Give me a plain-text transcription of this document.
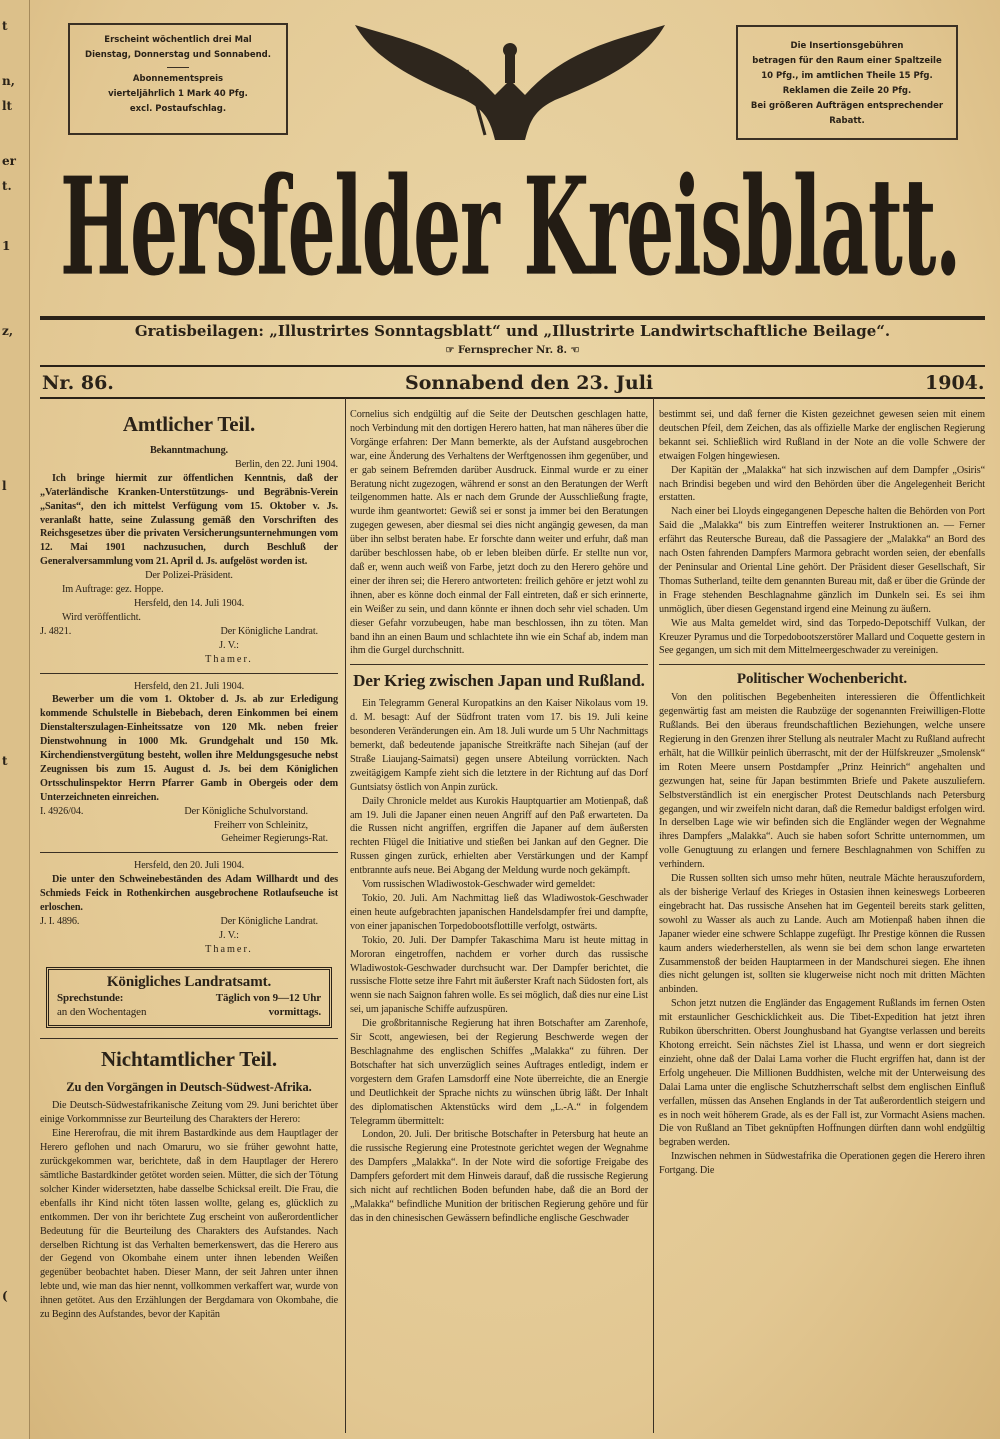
t
n,
lt
er
t.
1
z,
l
t
(
Erscheint wöchentlich drei Mal
Dienstag, Donnerstag und Sonnabend.
Abonnementspreis
vierteljährlich 1 Mark 40 Pfg.
excl. Postaufschlag.
Die Insertionsgebühren
betragen für den Raum einer Spaltzeile
10 Pfg., im amtlichen Theile 15 Pfg.
Reklamen die Zeile 20 Pfg.
Bei größeren Aufträgen entsprechender
Rabatt.
Hersfelder Kreisblatt.
Gratisbeilagen: „Illustrirtes Sonntagsblatt“ und „Illustrirte Landwirtschaftliche Beilage“.
☞ Fernsprecher Nr. 8. ☜
Nr. 86.	Sonnabend den 23. Juli	1904.
Amtlicher Teil.
Bekanntmachung.
Berlin, den 22. Juni 1904.

Ich bringe hiermit zur öffentlichen Kenntnis, daß der „Vaterländische Kranken-Unterstützungs- und Begräbnis-Verein „Sanitas“, den ich mittelst Verfügung vom 15. Oktober v. Js. veranlaßt hatte, seine Zulassung gemäß den Vorschriften des Reichsgesetzes über die privaten Versicherungsunternehmungen vom 12. Mai 1901 nachzusuchen, durch Beschluß der Generalversammlung vom 21. April d. Js. aufgelöst worden ist.

Der Polizei-Präsident.
Im Auftrage: gez. Hoppe.
Hersfeld, den 14. Juli 1904.
Wird veröffentlicht.
J. 4821.	Der Königliche Landrat.
J. V.:
Thamer.
Hersfeld, den 21. Juli 1904.

Bewerber um die vom 1. Oktober d. Js. ab zur Erledigung kommende Schulstelle in Biebebach, deren Einkommen bei einem Dienstalterszulagen-Einheitssatze von 120 Mk. neben freier Dienstwohnung in 1000 Mk. Grundgehalt und 150 Mk. Kirchendienstvergütung besteht, wollen ihre Meldungsgesuche nebst Zeugnissen bis zum 15. August d. Js. bei dem Königlichen Ortsschulinspektor Herrn Pfarrer Gamb in Obergeis oder dem Unterzeichneten einreichen.

I. 4926/04.	Der Königliche Schulvorstand.
Freiherr von Schleinitz,
Geheimer Regierungs-Rat.
Hersfeld, den 20. Juli 1904.

Die unter den Schweinebeständen des Adam Willhardt und des Schmieds Feick in Rothenkirchen ausgebrochene Rotlaufseuche ist erloschen.

J. I. 4896.	Der Königliche Landrat.
J. V.:
Thamer.
Königliches Landratsamt.
Sprechstunde:	Täglich von 9—12 Uhr
an den Wochentagen	vormittags.
Nichtamtlicher Teil.
Zu den Vorgängen in Deutsch-Südwest-Afrika.

Die Deutsch-Südwestafrikanische Zeitung vom 29. Juni berichtet über einige Vorkommnisse zur Beurteilung des Charakters der Herero:

Eine Hererofrau, die mit ihrem Bastardkinde aus dem Hauptlager der Herero geflohen und nach Omaruru, wo sie früher gewohnt hatte, zurückgekommen war, berichtete, daß in dem Hauptlager der Herero sämtliche Bastardkinder getötet worden seien. Mütter, die sich der Tötung solcher Kinder widersetzten, habe dasselbe Schicksal ereilt. Die Frau, die ebenfalls ihr Kind nicht töten lassen wollte, gelang es, glücklich zu entkommen. Der von ihr berichtete Zug erscheint von außerordentlicher Bedeutung für die Beurteilung des Charakters des Aufstandes. Nach derselben Richtung ist das Verhalten bemerkenswert, das die Herero aus der Gegend von Okombahe einem unter ihnen lebenden Weißen gegenüber beobachtet haben. Dieser Mann, der seit Jahren unter ihnen lebte und, wie man das hier nennt, vollkommen verkaffert war, wurde von ihnen getötet. Aus den Erzählungen der Bergdamara von Okombahe, die zu Beginn des Aufstandes, bevor der Kapitän

Cornelius sich endgültig auf die Seite der Deutschen geschlagen hatte, noch Verbindung mit den dortigen Herero hatten, hat man näheres über die Vorgänge erfahren: Der Mann bemerkte, als der Aufstand ausgebrochen war, eine Änderung des Verhaltens der Werftgenossen ihm gegenüber, und er gab seinem Befremden darüber Ausdruck. Einmal wurde er zu einer Beratung nicht zugezogen, während er sonst an den Beratungen der Werft teilgenommen hatte. Als er nach dem Grunde der Ausschließung fragte, wurde ihm geantwortet: Gewiß sei er sonst ja immer bei den Beratungen zugegen gewesen, aber diesmal sei dies nicht angängig gewesen, da man über ihn selbst beraten habe. Er forschte dann weiter und erfuhr, daß man darüber beschlossen habe, ob er leben bleiben dürfe. Er stellte nun vor, daß er, wenn auch weiß von Farbe, jetzt doch zu den Herero gehöre und einer der ihren sei; die Herero antworteten: freilich gehöre er jetzt wohl zu ihnen, aber es könne doch einmal der Fall eintreten, daß er sich erinnerte, ein Weißer zu sein, und dann könnte er ihnen doch sehr viel schaden. Um dieser Gefahr vorzubeugen, habe man beschlossen, ihn zu töten. Man band ihn an einen Baum und schlachtete ihn wie ein Schaf ab, indem man ihm die Gurgel durchschnitt.

Der Krieg zwischen Japan und Rußland.

Ein Telegramm General Kuropatkins an den Kaiser Nikolaus vom 19. d. M. besagt: Auf der Südfront traten vom 17. bis 19. Juli keine besonderen Veränderungen ein. Am 18. Juli wurde um 5 Uhr Nachmittags bemerkt, daß bedeutende japanische Streitkräfte nach Sihejan (auf der Straße Liaujang-Saimatsi) gegen unsere Abteilung vorrückten. Nach zweitägigem Kampfe zieht sich die letztere in der Richtung auf das Dorf Guntsiatsy östlich von Anpin zurück.

Daily Chronicle meldet aus Kurokis Hauptquartier am Motienpaß, daß am 19. Juli die Japaner einen neuen Angriff auf den Paß erwarteten. Da die Russen nicht angriffen, ergriffen die Japaner auf dem äußersten rechten Flügel die Initiative und stießen bei Jankan auf den Gegner. Die Russen gingen zurück, erhielten aber Verstärkungen und der Kampf entbrannte aufs neue. Bei Abgang der Meldung wurde noch gekämpft.

Vom russischen Wladiwostok-Geschwader wird gemeldet:

Tokio, 20. Juli. Am Nachmittag ließ das Wladiwostok-Geschwader einen heute aufgebrachten japanischen Handelsdampfer frei und dampfte, von einer japanischen Torpedobootsflottille verfolgt, ostwärts.

Tokio, 20. Juli. Der Dampfer Takaschima Maru ist heute mittag in Mororan eingetroffen, nachdem er vorher durch das russische Wladiwostok-Geschwader durchsucht war. Der Dampfer berichtet, die russische Flotte setze ihre Fahrt mit äußerster Kraft nach Südosten fort, als wenn sie nach Saignon fahren wolle. Es sei möglich, daß dies nur eine List sei, um japanische Schiffe aufzuspüren.

Die großbritannische Regierung hat ihren Botschafter am Zarenhofe, Sir Scott, angewiesen, bei der Regierung Beschwerde wegen der Beschlagnahme des englischen Schiffes „Malakka“ zu führen. Der Botschafter hat sich unverzüglich seines Auftrages entledigt, indem er vorgestern dem Grafen Lamsdorff eine Note überreichte, die an Energie und Deutlichkeit der Sprache nichts zu wünschen übrig läßt. Der Inhalt des diplomatischen Aktenstücks wird dem „L.-A.“ in folgendem Telegramm übermittelt:

London, 20. Juli. Der britische Botschafter in Petersburg hat heute an die russische Regierung eine Protestnote gerichtet wegen der Wegnahme des Dampfers „Malakka“. In der Note wird die sofortige Freigabe des Dampfers gefordert mit dem Hinweis darauf, daß die russische Regierung sich nicht auf rechtlichen Boden befunden habe, daß die an Bord der „Malakka“ befindliche Munition der britischen Regierung gehöre und für das in den chinesischen Gewässern befindliche englische Geschwader

bestimmt sei, und daß ferner die Kisten gezeichnet gewesen seien mit einem deutschen Pfeil, dem Zeichen, das als offizielle Marke der englischen Regierung bekannt sei. Schließlich wird Rußland in der Note an die volle Schwere der etwaigen Folgen hingewiesen.

Der Kapitän der „Malakka“ hat sich inzwischen auf dem Dampfer „Osiris“ nach Brindisi begeben und wird den Behörden über die Angelegenheit Bericht erstatten.

Nach einer bei Lloyds eingegangenen Depesche halten die Behörden von Port Said die „Malakka“ bis zum Eintreffen weiterer Instruktionen an. — Ferner erfährt das Reutersche Bureau, daß die Passagiere der „Malakka“ an Bord des nach Osten fahrenden Dampfers Marmora gebracht worden seien, der ebenfalls der Peninsular and Oriental Line gehört. Der Präsident dieser Gesellschaft, Sir Thomas Sutherland, teilte dem genannten Bureau mit, daß er über die Gründe der in Frage stehenden Beschlagnahme gänzlich im Dunkeln sei. Es sei ihm unmöglich, über diesen Gegenstand irgend eine Meinung zu äußern.

Wie aus Malta gemeldet wird, sind das Torpedo-Depotschiff Vulkan, der Kreuzer Pyramus und die Torpedobootszerstörer Mallard und Coquette gestern in See gegangen, um sich mit dem Mittelmeergeschwader zu vereinigen.

Politischer Wochenbericht.

Von den politischen Begebenheiten interessieren die Öffentlichkeit gegenwärtig fast am meisten die Raubzüge der sogenannten Freiwilligen-Flotte Rußlands. Bei den überaus freundschaftlichen Beziehungen, welche unsere Regierung in den Grenzen ihrer Stellung als neutraler Macht zu Rußland aufrecht erhält, hat die Willkür peinlich überrascht, mit der der Hülfskreuzer „Smolensk“ im Roten Meere unsern Postdampfer „Prinz Heinrich“ angehalten und gezwungen hat, seine für Japan bestimmten Briefe und Pakete auszuliefern. Selbstverständlich ist ein energischer Protest Deutschlands nach Petersburg gegangen, und wir zweifeln nicht daran, daß die Remedur baldigst erfolgen wird. In derselben Lage wie wir befinden sich die Engländer wegen der Wegnahme ihres Dampfers „Malakka“. Auch sie haben sofort Schritte unternommen, um volle Genugtuung zu erlangen und fernere Beschlagnahmen von Schiffen zu verhindern.

Die Russen sollten sich umso mehr hüten, neutrale Mächte herauszufordern, als der bisherige Verlauf des Krieges in Ostasien ihnen keineswegs Lorbeeren eingebracht hat. Das russische Ansehen hat im Gegenteil bereits stark gelitten, sowohl zu Wasser als auch zu Lande. Auch am Motienpaß haben ihnen die Japaner wieder eine schwere Schlappe zugefügt. Ihr Prestige können die Russen kaum anders wiederherstellen, als wenn sie bei dem schon lange erwarteten Zusammenstoß der beiden Hauptarmeen in der Mandschurei siegen. Ehe ihnen dies nicht gelungen ist, sollten sie klugerweise nicht noch mit dritten Mächten anbinden.

Schon jetzt nutzen die Engländer das Engagement Rußlands im fernen Osten mit erstaunlicher Geschicklichkeit aus. Die Tibet-Expedition hat jetzt ihren Rubikon überschritten. Oberst Jounghusband hat Gyangtse verlassen und bereits Khotong erreicht. Sein nächstes Ziel ist Lhassa, und wenn er dort siegreich einzieht, ohne daß der Dalai Lama vorher die Flucht ergriffen hat, dann ist der Erfolg ungeheuer. Die Millionen Buddhisten, welche mit der Unterweisung des Dalai Lama unter die englische Schutzherrschaft selbst dem englischen Einfluß verfallen, müssen das Ansehen Englands in der Tat außerordentlich steigern und es in noch weit höherem Grade, als es der Fall ist, zur Vormacht Asiens machen. Die von Rußland an Tibet geknüpften Hoffnungen dürften dann wohl endgültig begraben werden.

Inzwischen nehmen in Südwestafrika die Operationen gegen die Herero ihren Fortgang. Die
